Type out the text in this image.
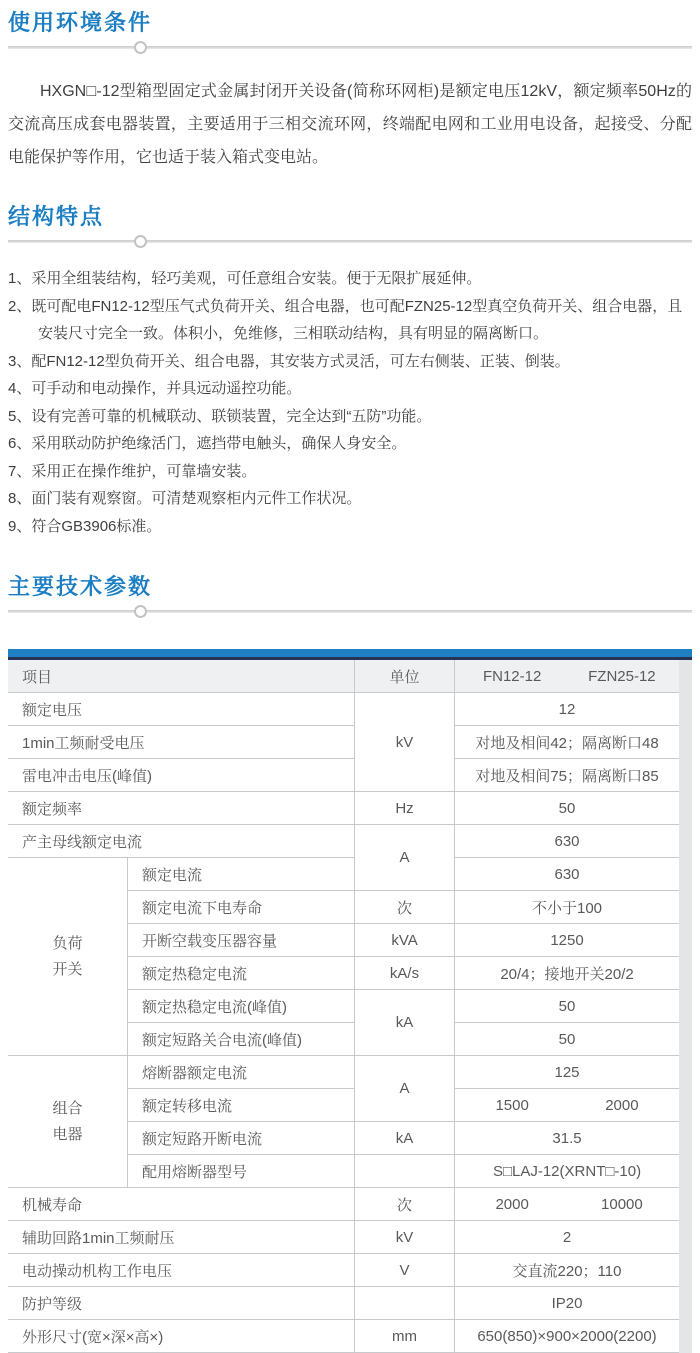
使用环境条件

HXGN□-12型箱型固定式金属封闭开关设备(简称环网柜)是额定电压12kV，额定频率50Hz的交流高压成套电器装置，主要适用于三相交流环网，终端配电网和工业用电设备，起接受、分配电能保护等作用，它也适于装入箱式变电站。

结构特点
1、采用全组装结构，轻巧美观，可任意组合安装。便于无限扩展延伸。
2、既可配电FN12-12型压气式负荷开关、组合电器，也可配FZN25-12型真空负荷开关、组合电器，且安装尺寸完全一致。体积小，免维修，三相联动结构，具有明显的隔离断口。
3、配FN12-12型负荷开关、组合电器，其安装方式灵活，可左右侧装、正装、倒装。
4、可手动和电动操作，并具远动遥控功能。
5、设有完善可靠的机械联动、联锁装置，完全达到“五防”功能。
6、采用联动防护绝缘活门，遮挡带电触头，确保人身安全。
7、采用正在操作维护，可靠墙安装。
8、面门装有观察窗。可清楚观察柜内元件工作状况。
9、符合GB3906标准。
主要技术参数
项目		单位	FN12-12 FZN25-12
额定电压		kV	12
1min工频耐受电压			对地及相间42；隔离断口48
雷电冲击电压(峰值)			对地及相间75；隔离断口85
额定频率		Hz	50
产主母线额定电流		A	630

负荷
开关	额定电流		630
	额定电流下电寿命	次	不小于100
	开断空载变压器容量	kVA	1250
	额定热稳定电流	kA/s	20/4；接地开关20/2
	额定热稳定电流(峰值)	kA	50
	额定短路关合电流(峰值)		50

组合
电器	熔断器额定电流	A	125
	额定转移电流		1500 2000
	额定短路开断电流	kA	31.5
	配用熔断器型号		S□LAJ-12(XRNT□-10)
机械寿命		次	2000 10000
辅助回路1min工频耐压		kV	2
电动操动机构工作电压		V	交直流220；110
防护等级			IP20
外形尺寸(宽×深×高×)		mm	650(850)×900×2000(2200)
